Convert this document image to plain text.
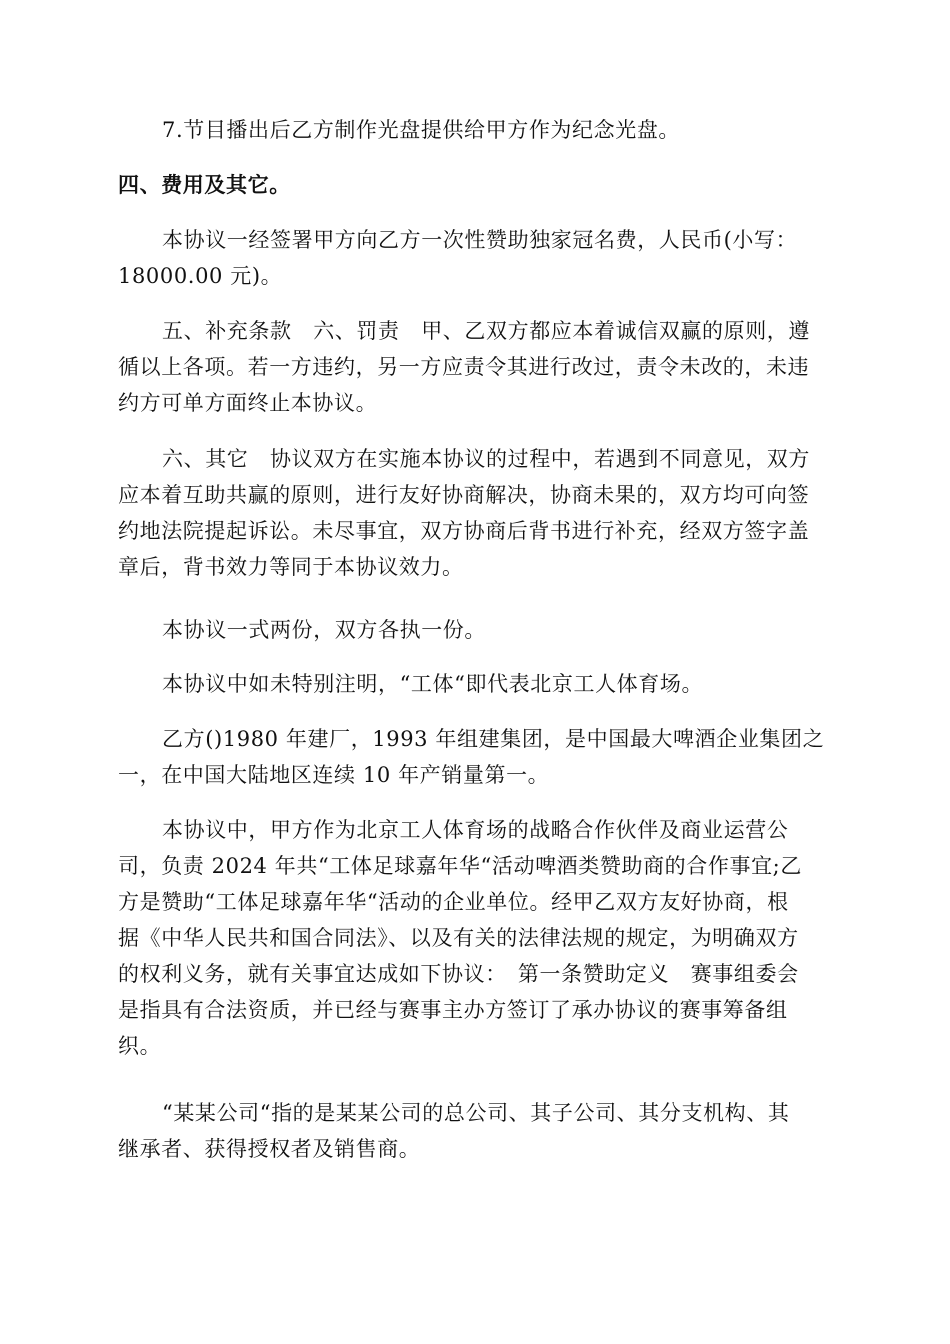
7.节目播出后乙方制作光盘提供给甲方作为纪念光盘。

四、费用及其它。

本协议一经签署甲方向乙方一次性赞助独家冠名费，人民币(小写：
18000.00 元)。

五、补充条款　六、罚责　甲、乙双方都应本着诚信双赢的原则，遵
循以上各项。若一方违约，另一方应责令其进行改过，责令未改的，未违
约方可单方面终止本协议。

六、其它　协议双方在实施本协议的过程中，若遇到不同意见，双方
应本着互助共赢的原则，进行友好协商解决，协商未果的，双方均可向签
约地法院提起诉讼。未尽事宜，双方协商后背书进行补充，经双方签字盖
章后，背书效力等同于本协议效力。

本协议一式两份，双方各执一份。

本协议中如未特别注明，“工体“即代表北京工人体育场。

乙方()1980 年建厂，1993 年组建集团，是中国最大啤酒企业集团之
一，在中国大陆地区连续 10 年产销量第一。

本协议中，甲方作为北京工人体育场的战略合作伙伴及商业运营公
司，负责 2024 年共“工体足球嘉年华“活动啤酒类赞助商的合作事宜;乙
方是赞助“工体足球嘉年华“活动的企业单位。经甲乙双方友好协商，根
据《中华人民共和国合同法》、以及有关的法律法规的规定，为明确双方
的权利义务，就有关事宜达成如下协议：　第一条赞助定义　赛事组委会
是指具有合法资质，并已经与赛事主办方签订了承办协议的赛事筹备组
织。

“某某公司“指的是某某公司的总公司、其子公司、其分支机构、其
继承者、获得授权者及销售商。
